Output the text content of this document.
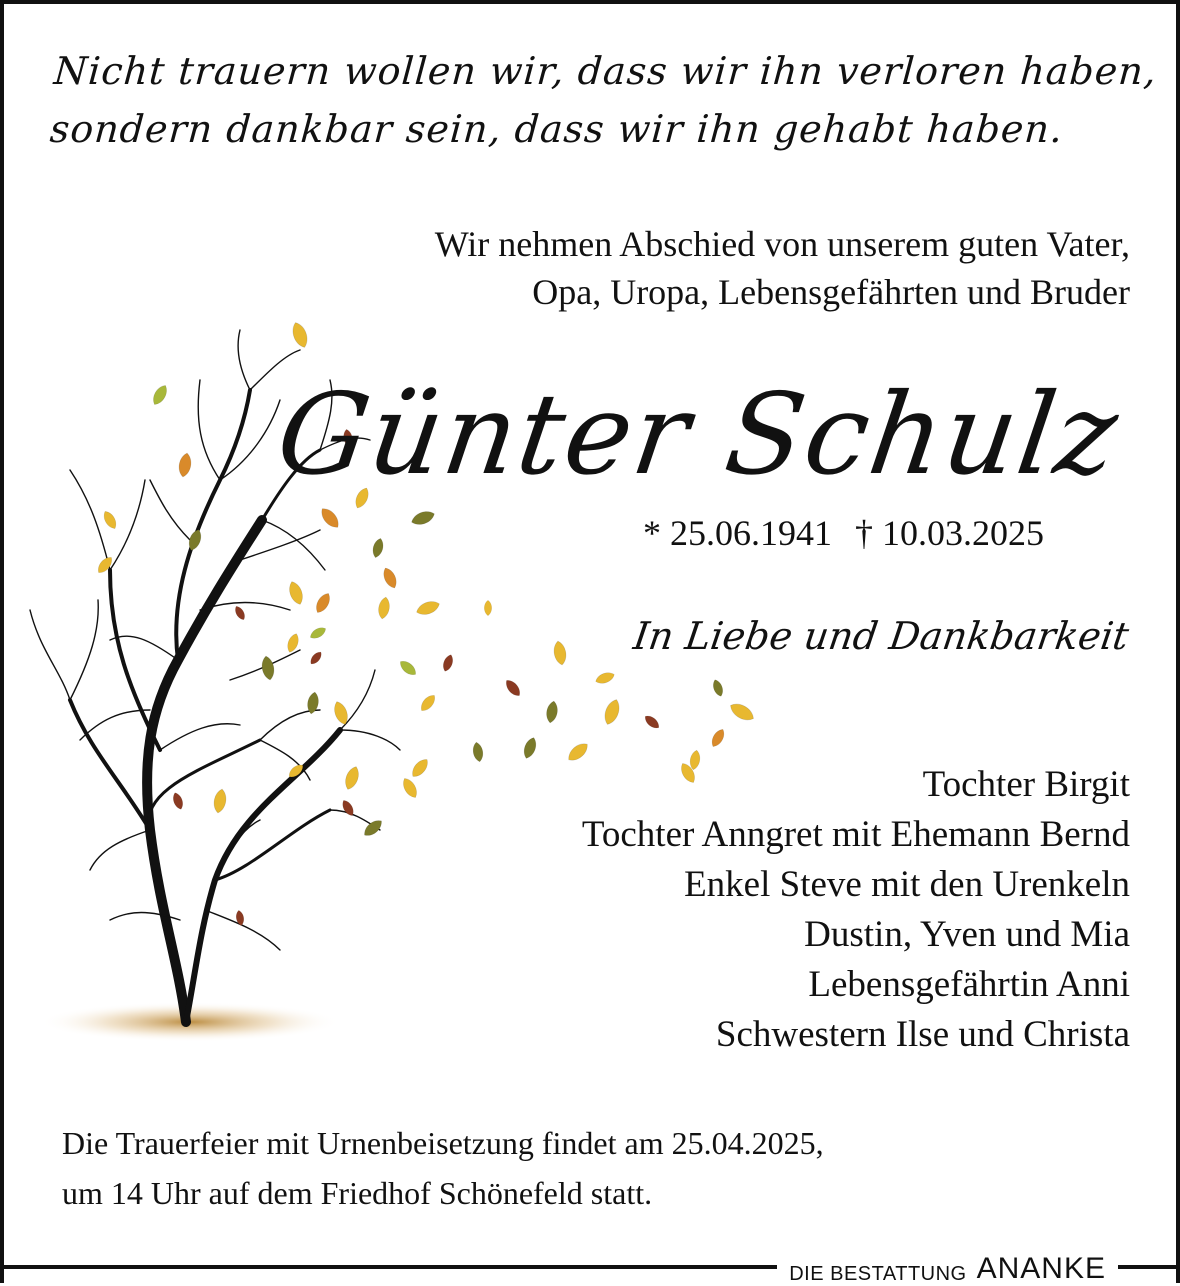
Nicht trauern wollen wir, dass wir ihn verloren haben,
sondern dankbar sein, dass wir ihn gehabt haben.
Wir nehmen Abschied von unserem guten Vater,
Opa, Uropa, Lebensgefährten und Bruder
Günter Schulz
* 25.06.1941 † 10.03.2025
In Liebe und Dankbarkeit
Tochter Birgit
Tochter Anngret mit Ehemann Bernd
Enkel Steve mit den Urenkeln
Dustin, Yven und Mia
Lebensgefährtin Anni
Schwestern Ilse und Christa
Die Trauerfeier mit Urnenbeisetzung findet am 25.04.2025,
um 14 Uhr auf dem Friedhof Schönefeld statt.
DIE BESTATTUNG ANANKE
